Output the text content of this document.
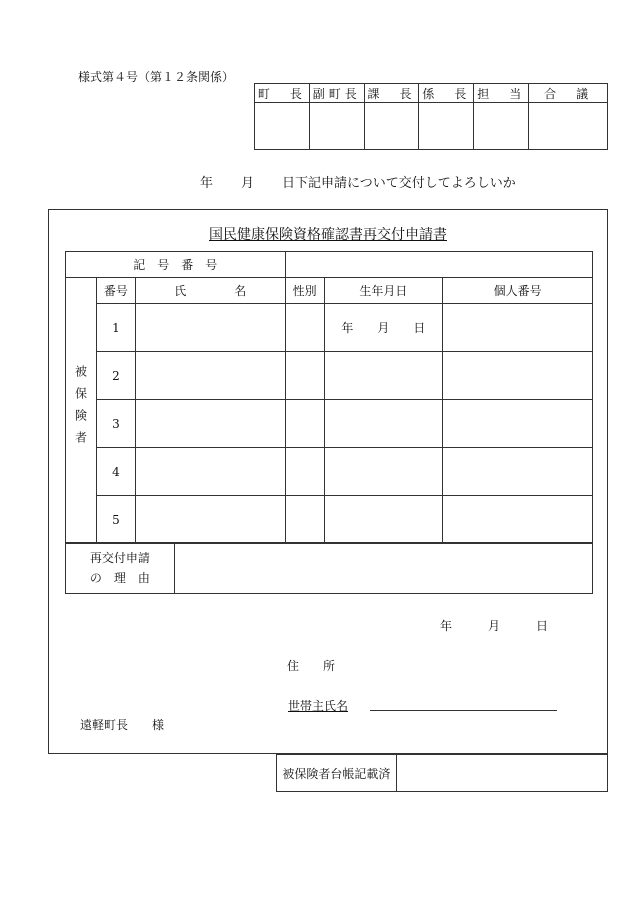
様式第４号（第１２条関係）
町　長	副町長	課　長	係　長	担　当	合　議

年 月 日下記申請について交付してよろしいか
国民健康保険資格確認書再交付申請書
記　号　番　号					
被保険者	番号	氏　　　　名	性別	生年月日	個人番号
	1			年　　月　　日	
	2				
	3				
	4				
	5				
再交付申請
の　理　由

年	月	日
住　　所
世帯主氏名
遠軽町長　　様
被保険者台帳記載済	
